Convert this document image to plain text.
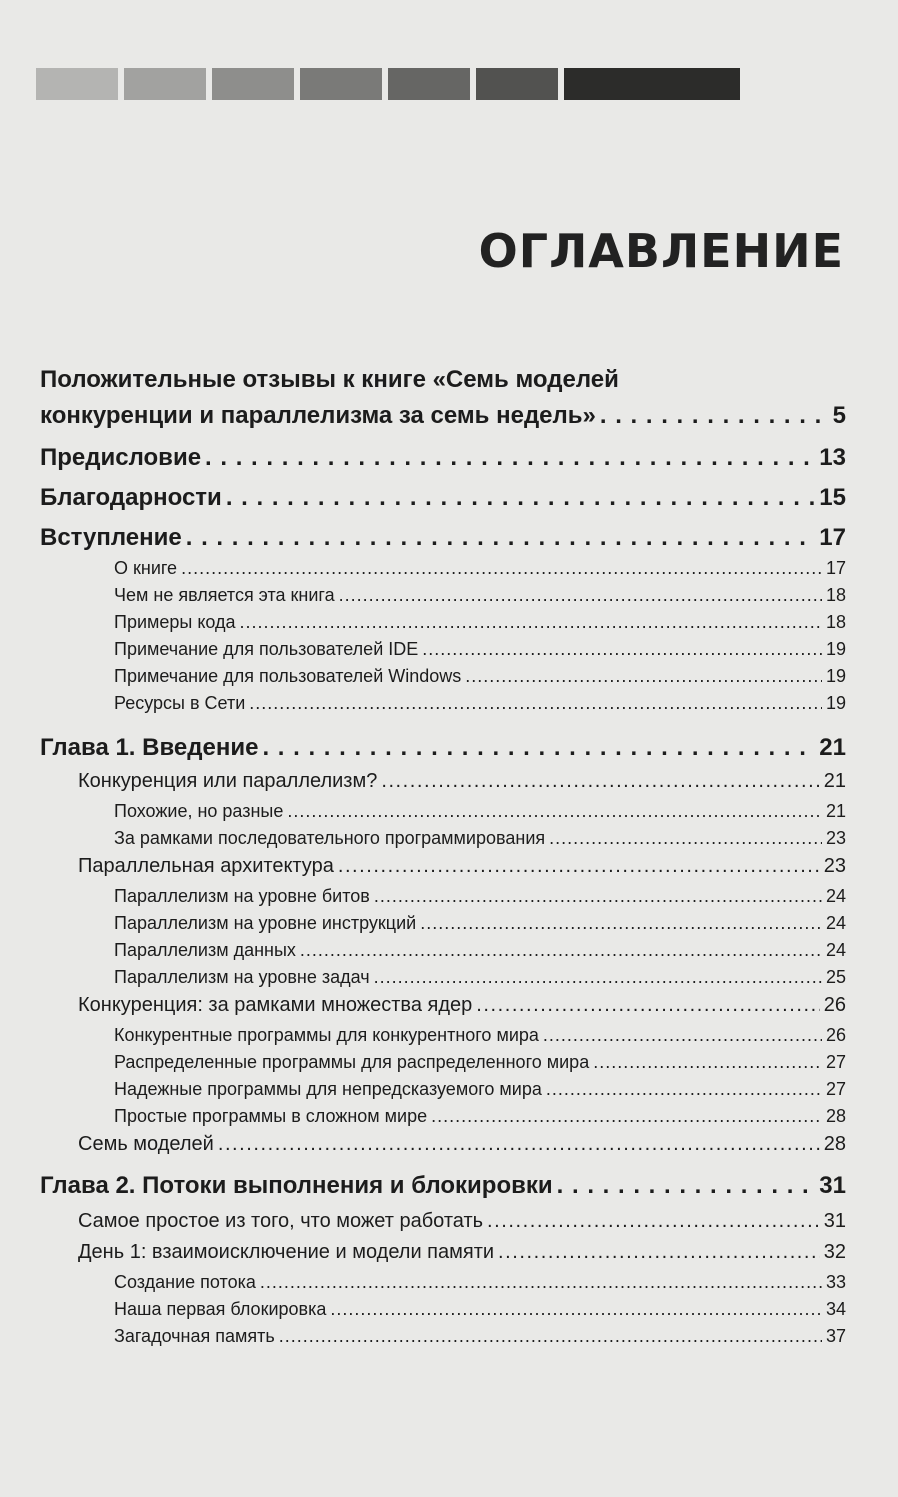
ОГЛАВЛЕНИЕ
Положительные отзывы к книге «Семь моделей
конкуренции и параллелизма за семь недель» . . .	5
Предисловие . . .	13
Благодарности . . .	15
Вступление . . .	17
О книге . . .	17
Чем не является эта книга . . .	18
Примеры кода . . .	18
Примечание для пользователей IDE . . .	19
Примечание для пользователей Windows . . .	19
Ресурсы в Сети . . .	19
Глава 1. Введение . . .	21
Конкуренция или параллелизм? . . .	21
Похожие, но разные . . .	21
За рамками последовательного программирования . . .	23
Параллельная архитектура . . .	23
Параллелизм на уровне битов . . .	24
Параллелизм на уровне инструкций . . .	24
Параллелизм данных . . .	24
Параллелизм на уровне задач . . .	25
Конкуренция: за рамками множества ядер . . .	26
Конкурентные программы для конкурентного мира . . .	26
Распределенные программы для распределенного мира . . .	27
Надежные программы для непредсказуемого мира . . .	27
Простые программы в сложном мире . . .	28
Семь моделей . . .	28
Глава 2. Потоки выполнения и блокировки . . .	31
Самое простое из того, что может работать . . .	31
День 1: взаимоисключение и модели памяти . . .	32
Создание потока . . .	33
Наша первая блокировка . . .	34
Загадочная память . . .	37
